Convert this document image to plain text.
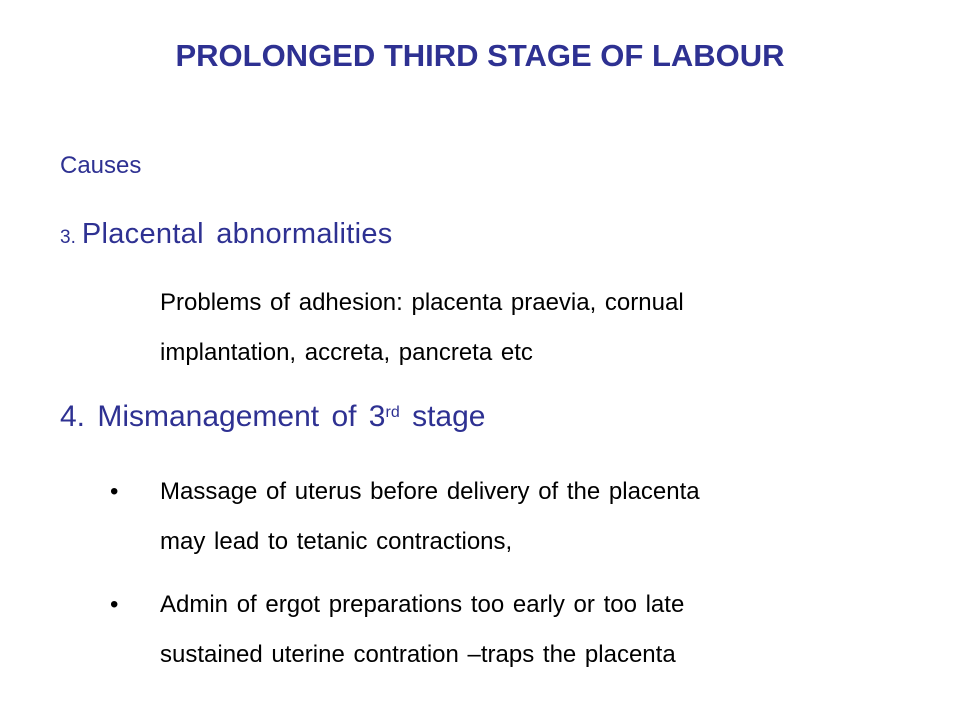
PROLONGED THIRD STAGE OF LABOUR
Causes
3. Placental abnormalities
Problems of adhesion: placenta praevia, cornual
implantation, accreta, pancreta etc
4. Mismanagement of 3rd stage
• Massage of uterus before delivery of the placenta
may lead to tetanic contractions,
• Admin of ergot preparations too early or too late
sustained uterine contration –traps the placenta
